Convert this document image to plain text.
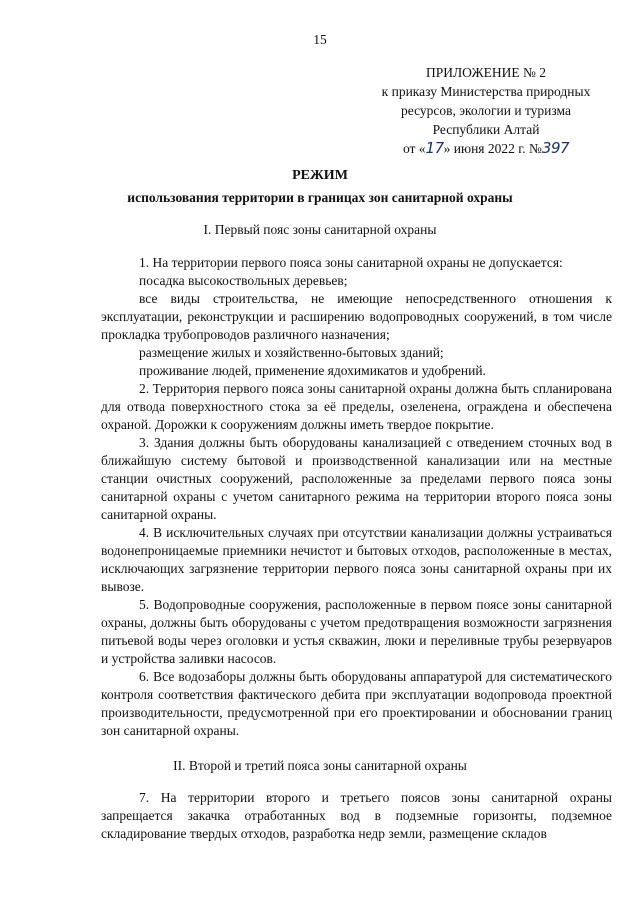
15
ПРИЛОЖЕНИЕ № 2
к приказу Министерства природных
ресурсов, экологии и туризма
Республики Алтай
от «17» июня 2022 г. №397
РЕЖИМ
использования территории в границах зон санитарной охраны
I. Первый пояс зоны санитарной охраны

1. На территории первого пояса зоны санитарной охраны не допускается:

посадка высокоствольных деревьев;

все виды строительства, не имеющие непосредственного отношения к эксплуатации, реконструкции и расширению водопроводных сооружений, в том числе прокладка трубопроводов различного назначения;

размещение жилых и хозяйственно-бытовых зданий;

проживание людей, применение ядохимикатов и удобрений.

2. Территория первого пояса зоны санитарной охраны должна быть спланирована для отвода поверхностного стока за её пределы, озеленена, ограждена и обеспечена охраной. Дорожки к сооружениям должны иметь твердое покрытие.

3. Здания должны быть оборудованы канализацией с отведением сточных вод в ближайшую систему бытовой и производственной канализации или на местные станции очистных сооружений, расположенные за пределами первого пояса зоны санитарной охраны с учетом санитарного режима на территории второго пояса зоны санитарной охраны.

4. В исключительных случаях при отсутствии канализации должны устраиваться водонепроницаемые приемники нечистот и бытовых отходов, расположенные в местах, исключающих загрязнение территории первого пояса зоны санитарной охраны при их вывозе.

5. Водопроводные сооружения, расположенные в первом поясе зоны санитарной охраны, должны быть оборудованы с учетом предотвращения возможности загрязнения питьевой воды через оголовки и устья скважин, люки и переливные трубы резервуаров и устройства заливки насосов.

6. Все водозаборы должны быть оборудованы аппаратурой для систематического контроля соответствия фактического дебита при эксплуатации водопровода проектной производительности, предусмотренной при его проектировании и обосновании границ зон санитарной охраны.

II. Второй и третий пояса зоны санитарной охраны

7. На территории второго и третьего поясов зоны санитарной охраны запрещается закачка отработанных вод в подземные горизонты, подземное складирование твердых отходов, разработка недр земли, размещение складов
